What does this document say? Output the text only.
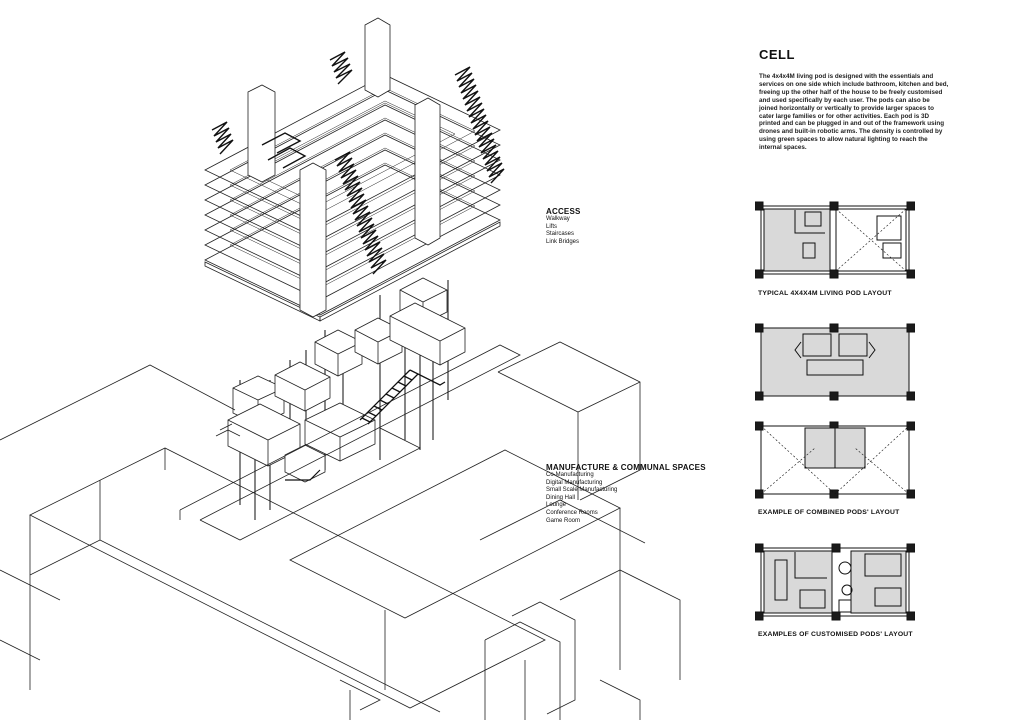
ACCESS
Walkway
Lifts
Staircases
Link Bridges
MANUFACTURE & COMMUNAL SPACES
Co-Manufacturing
Digital Manufacturing
Small Scale Manufacturing
Dining Hall
Lounge
Conference Rooms
Game Room
CELL
The 4x4x4M living pod is designed with the essentials and services on one side which include bathroom, kitchen and bed, freeing up the other half of the house to be freely customised and used specifically by each user. The pods can also be joined horizontally or vertically to provide larger spaces to cater large families or for other activities. Each pod is 3D printed and can be plugged in and out of the framework using drones and built-in robotic arms. The density is controlled by using green spaces to allow natural lighting to reach the internal spaces.
TYPICAL 4X4X4M LIVING POD LAYOUT
EXAMPLE OF COMBINED PODS' LAYOUT
EXAMPLES OF CUSTOMISED PODS' LAYOUT
